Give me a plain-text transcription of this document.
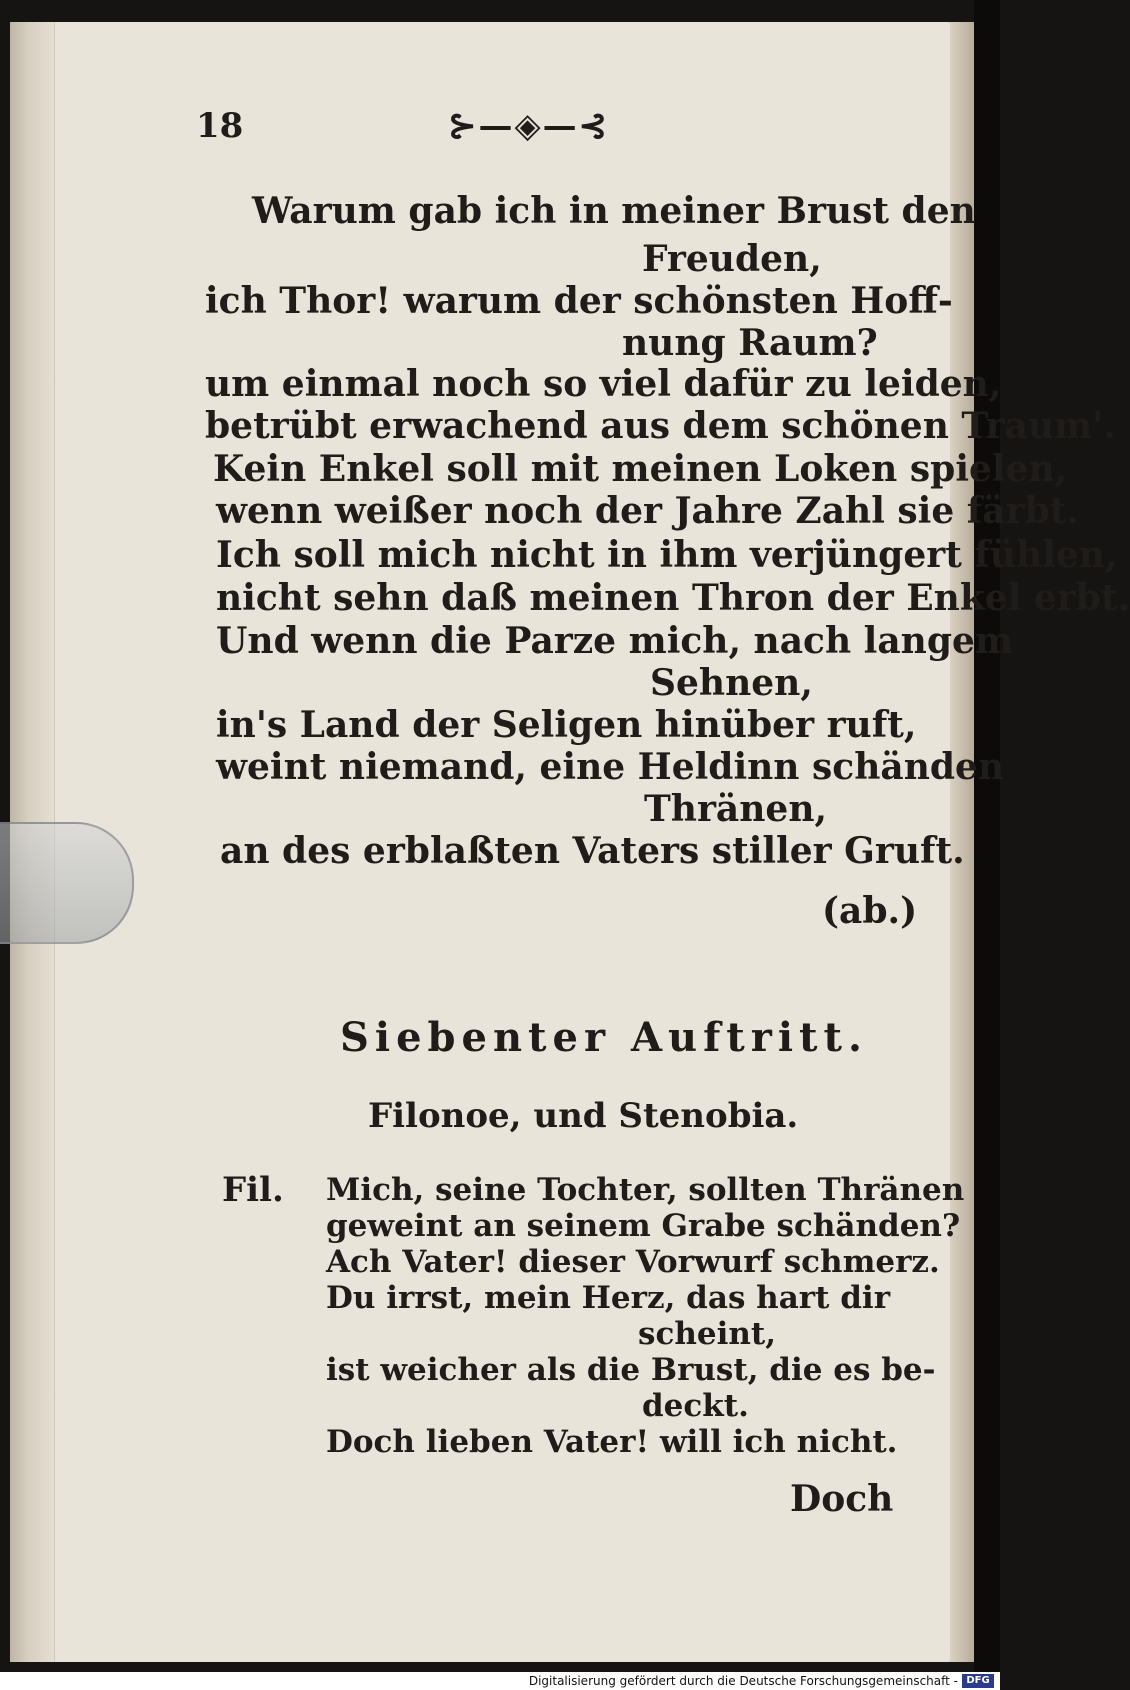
18	⊱—◈—⊰
Warum gab ich in meiner Brust den
Freuden,
ich Thor! warum der schönsten Hoff-
nung Raum?
um einmal noch so viel dafür zu leiden,
betrübt erwachend aus dem schönen Traum'.
Kein Enkel soll mit meinen Loken spielen,
wenn weißer noch der Jahre Zahl sie färbt.
Ich soll mich nicht in ihm verjüngert fühlen,
nicht sehn daß meinen Thron der Enkel erbt.
Und wenn die Parze mich, nach langem
Sehnen,
in's Land der Seligen hinüber ruft,
weint niemand, eine Heldinn schänden
Thränen,
an des erblaßten Vaters stiller Gruft.
(ab.)
Siebenter Auftritt.
Filonoe, und Stenobia.
Fil. Mich, seine Tochter, sollten Thränen
geweint an seinem Grabe schänden?
Ach Vater! dieser Vorwurf schmerz.
Du irrst, mein Herz, das hart dir
scheint,
ist weicher als die Brust, die es be-
deckt.
Doch lieben Vater! will ich nicht.
Doch
Digitalisierung gefördert durch die Deutsche Forschungsgemeinschaft - DFG
